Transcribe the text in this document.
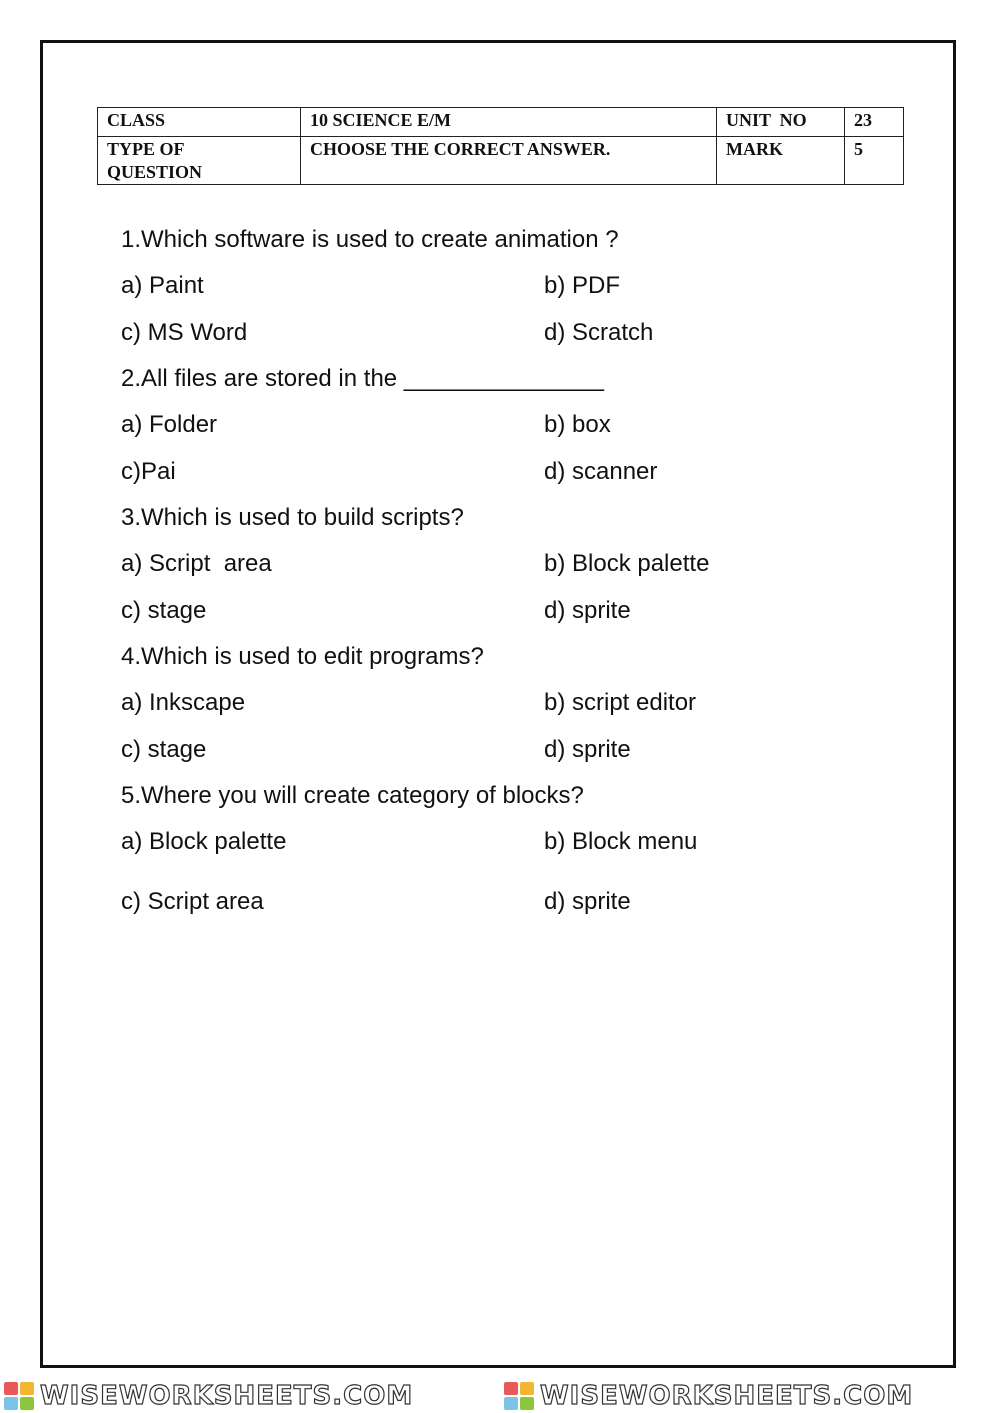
CLASS	10 SCIENCE E/M	UNIT  NO	23

TYPE OF
QUESTION	CHOOSE THE CORRECT ANSWER.	MARK	5
1.Which software is used to create animation ?
a) Paint	b) PDF
c) MS Word	d) Scratch
2.All files are stored in the _______________
a) Folder	b) box
c)Pai	d) scanner
3.Which is used to build scripts?
a) Script  area	b) Block palette
c) stage	d) sprite
4.Which is used to edit programs?
a) Inkscape	b) script editor
c) stage	d) sprite
5.Where you will create category of blocks?
a) Block palette	b) Block menu
c) Script area	d) sprite
WISEWORKSHEETS.COM	WISEWORKSHEETS.COM
